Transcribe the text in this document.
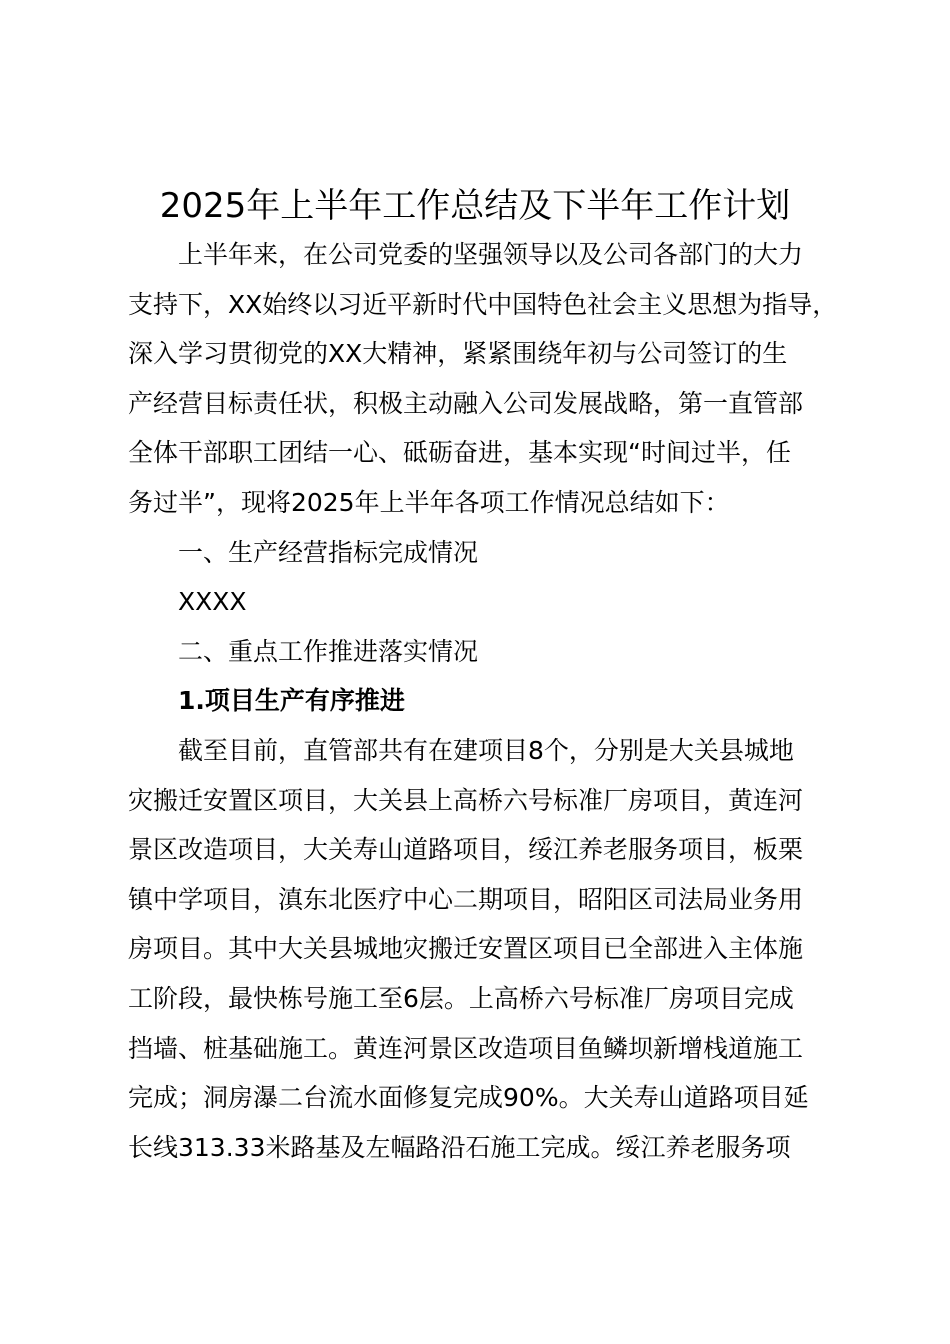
2025年上半年工作总结及下半年工作计划
上半年来，在公司党委的坚强领导以及公司各部门的大力
支持下，XX始终以习近平新时代中国特色社会主义思想为指导，
深入学习贯彻党的XX大精神，紧紧围绕年初与公司签订的生
产经营目标责任状，积极主动融入公司发展战略，第一直管部
全体干部职工团结一心、砥砺奋进，基本实现“时间过半，任
务过半”，现将2025年上半年各项工作情况总结如下：
一、生产经营指标完成情况
XXXX
二、重点工作推进落实情况
1.项目生产有序推进
截至目前，直管部共有在建项目8个，分别是大关县城地
灾搬迁安置区项目，大关县上高桥六号标准厂房项目，黄连河
景区改造项目，大关寿山道路项目，绥江养老服务项目，板栗
镇中学项目，滇东北医疗中心二期项目，昭阳区司法局业务用
房项目。其中大关县城地灾搬迁安置区项目已全部进入主体施
工阶段，最快栋号施工至6层。上高桥六号标准厂房项目完成
挡墙、桩基础施工。黄连河景区改造项目鱼鳞坝新增栈道施工
完成；洞房瀑二台流水面修复完成90%。大关寿山道路项目延
长线313.33米路基及左幅路沿石施工完成。绥江养老服务项
